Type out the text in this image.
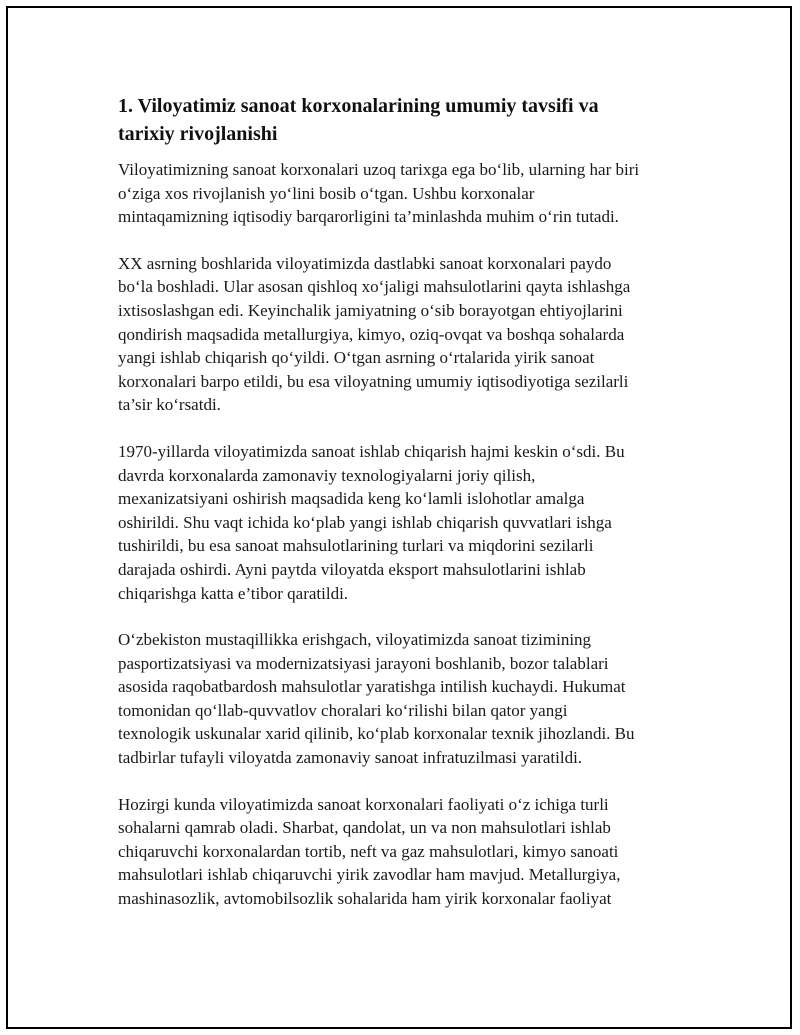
1. Viloyatimiz sanoat korxonalarining umumiy tavsifi va
tarixiy rivojlanishi

Viloyatimizning sanoat korxonalari uzoq tarixga ega bo‘lib, ularning har biri
o‘ziga xos rivojlanish yo‘lini bosib o‘tgan. Ushbu korxonalar
mintaqamizning iqtisodiy barqarorligini ta’minlashda muhim o‘rin tutadi.

XX asrning boshlarida viloyatimizda dastlabki sanoat korxonalari paydo
bo‘la boshladi. Ular asosan qishloq xo‘jaligi mahsulotlarini qayta ishlashga
ixtisoslashgan edi. Keyinchalik jamiyatning o‘sib borayotgan ehtiyojlarini
qondirish maqsadida metallurgiya, kimyo, oziq-ovqat va boshqa sohalarda
yangi ishlab chiqarish qo‘yildi. O‘tgan asrning o‘rtalarida yirik sanoat
korxonalari barpo etildi, bu esa viloyatning umumiy iqtisodiyotiga sezilarli
ta’sir ko‘rsatdi.

1970-yillarda viloyatimizda sanoat ishlab chiqarish hajmi keskin o‘sdi. Bu
davrda korxonalarda zamonaviy texnologiyalarni joriy qilish,
mexanizatsiyani oshirish maqsadida keng ko‘lamli islohotlar amalga
oshirildi. Shu vaqt ichida ko‘plab yangi ishlab chiqarish quvvatlari ishga
tushirildi, bu esa sanoat mahsulotlarining turlari va miqdorini sezilarli
darajada oshirdi. Ayni paytda viloyatda eksport mahsulotlarini ishlab
chiqarishga katta e’tibor qaratildi.

O‘zbekiston mustaqillikka erishgach, viloyatimizda sanoat tizimining
pasportizatsiyasi va modernizatsiyasi jarayoni boshlanib, bozor talablari
asosida raqobatbardosh mahsulotlar yaratishga intilish kuchaydi. Hukumat
tomonidan qo‘llab-quvvatlov choralari ko‘rilishi bilan qator yangi
texnologik uskunalar xarid qilinib, ko‘plab korxonalar texnik jihozlandi. Bu
tadbirlar tufayli viloyatda zamonaviy sanoat infratuzilmasi yaratildi.

Hozirgi kunda viloyatimizda sanoat korxonalari faoliyati o‘z ichiga turli
sohalarni qamrab oladi. Sharbat, qandolat, un va non mahsulotlari ishlab
chiqaruvchi korxonalardan tortib, neft va gaz mahsulotlari, kimyo sanoati
mahsulotlari ishlab chiqaruvchi yirik zavodlar ham mavjud. Metallurgiya,
mashinasozlik, avtomobilsozlik sohalarida ham yirik korxonalar faoliyat
